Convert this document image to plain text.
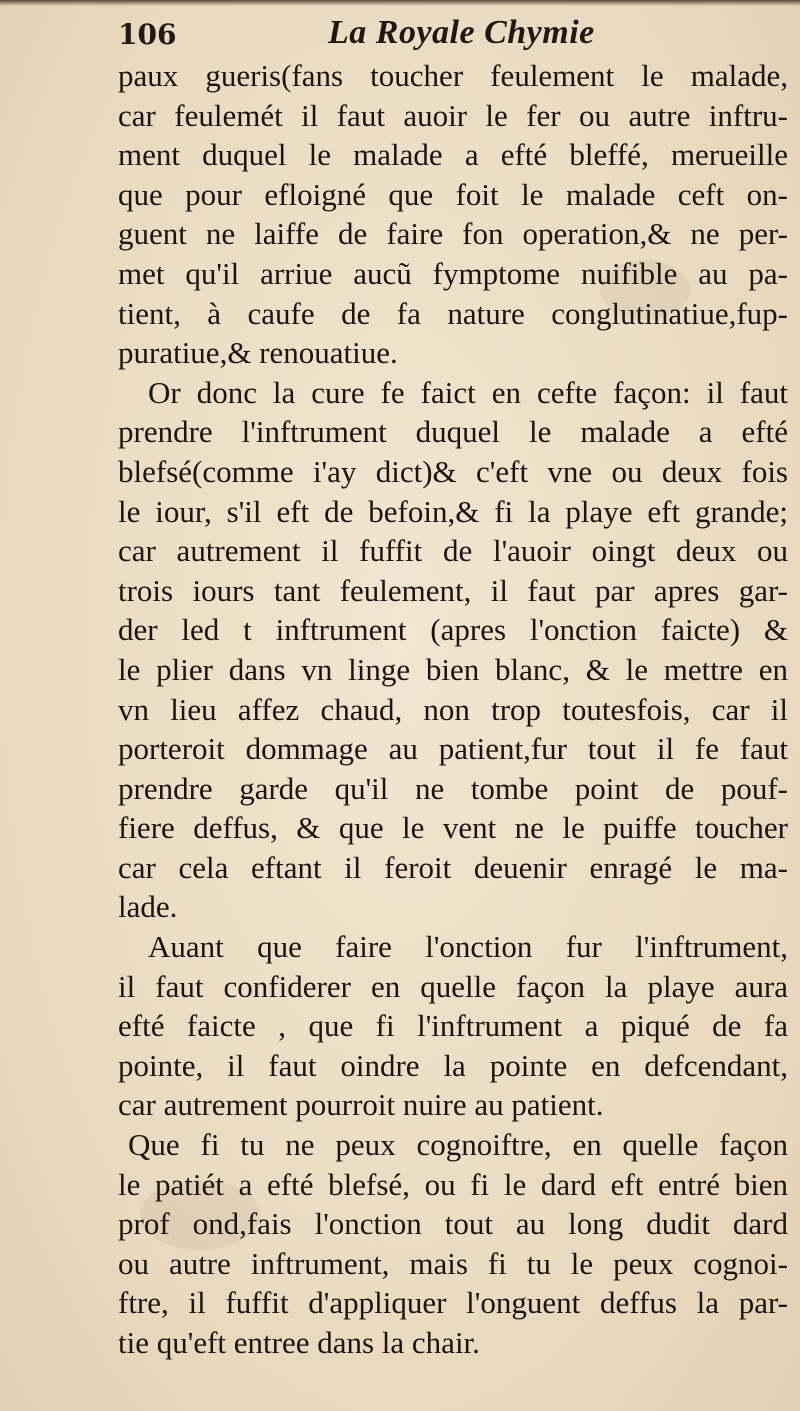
106	La Royale Chymie
paux gueris(fans toucher feulement le malade,
car feulemét il faut auoir le fer ou autre inftru-
ment duquel le malade a efté bleffé, merueille
que pour efloigné que foit le malade ceft on-
guent ne laiffe de faire fon operation,& ne per-
met qu'il arriue aucũ fymptome nuifible au pa-
tient, à caufe de fa nature conglutinatiue,fup-
puratiue,& renouatiue.
Or donc la cure fe faict en cefte façon: il faut
prendre l'inftrument duquel le malade a efté
blefsé(comme i'ay dict)& c'eft vne ou deux fois
le iour, s'il eft de befoin,& fi la playe eft grande;
car autrement il fuffit de l'auoir oingt deux ou
trois iours tant feulement, il faut par apres gar-
der led t inftrument (apres l'onction faicte) &
le plier dans vn linge bien blanc, & le mettre en
vn lieu affez chaud, non trop toutesfois, car il
porteroit dommage au patient,fur tout il fe faut
prendre garde qu'il ne tombe point de pouf-
fiere deffus, & que le vent ne le puiffe toucher
car cela eftant il feroit deuenir enragé le ma-
lade.
Auant que faire l'onction fur l'inftrument,
il faut confiderer en quelle façon la playe aura
efté faicte , que fi l'inftrument a piqué de fa
pointe, il faut oindre la pointe en defcendant,
car autrement pourroit nuire au patient.
Que fi tu ne peux cognoiftre, en quelle façon
le patiét a efté blefsé, ou fi le dard eft entré bien
prof ond,fais l'onction tout au long dudit dard
ou autre inftrument, mais fi tu le peux cognoi-
ftre, il fuffit d'appliquer l'onguent deffus la par-
tie qu'eft entree dans la chair.
